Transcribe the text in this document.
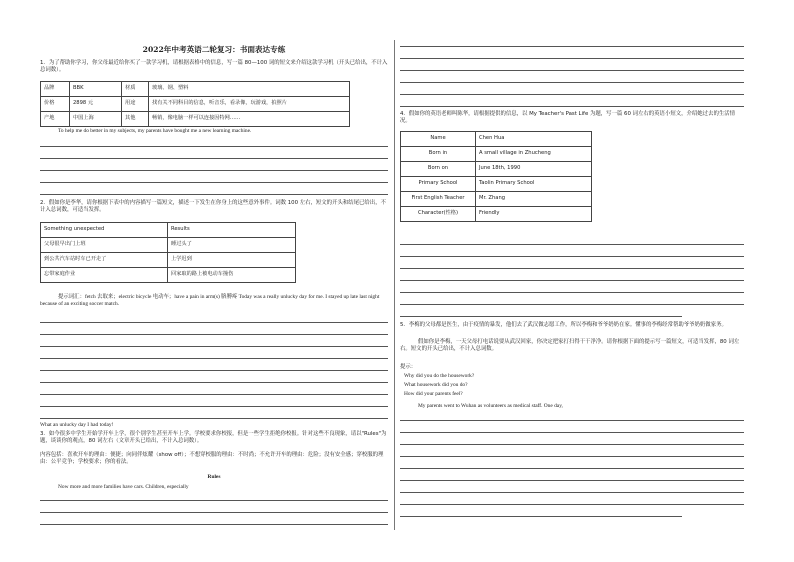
2022年中考英语二轮复习：书面表达专练
1．为了帮助你学习，你父母最近给你买了一款学习机，请根据表格中的信息，写一篇 80—100 词的短文来介绍这款学习机（开头已给出，不计入总词数）。
品牌	BBK	材质	玻璃、钢、塑料
价格	2898 元	用途	找有关不同科目的信息，听音乐，看录像，玩游戏，拍照片
产地	中国上海	其他	畅销，像电脑一样可以连接因特网……
To help me do better in my subjects, my parents have bought me a new learning machine.
2．假如你是李华，请你根据下表中的内容描写一篇短文，描述一下发生在你身上的这些意外事件。词数 100 左右，短文的开头和结尾已给出，不计入总词数，可适当发挥。
Something unexpected	Results
父母很早出门上班	睡过头了
到公共汽车站时车已开走了	上学迟到
忘带家庭作业	回家取的路上被电动车撞伤
提示词汇：fetch 去取来；electric bicycle 电动车；have a pain in arm(s) 胳膊疼 Today was a really unlucky day for me. I stayed up late last night because of an exciting soccer match.
What an unlucky day I had today!
3．如今很多中学生开始学开车上学，很个别学生甚至开车上学。学校要求你校报，但是一些学生拒绝你校报。针对这些不良现象，请以"Rules"为题，谈谈你的观点，80 词左右（文章开头已给出，不计入总词数）。
内容包括：喜欢开车的理由：便捷；向同伴炫耀（show off）；不想穿校服的理由：不时尚；不允许开车的理由：危险；没有安全感；穿校服的理由：公平竞争；学校要求；你的看法。
Rules
Now more and more families have cars. Children, especially
4．假如你的英语老师叫陈华，请根据提供的信息，以 My Teacher's Past Life 为题，写一篇 60 词左右的英语小短文，介绍她过去的生活情况。
Name	Chen Hua
Born in	A small village in Zhucheng
Born on	June 18th, 1990
Primary School	Taolin Primary School
First English Teacher	Mr. Zhang
Character(性格)	Friendly
5．李梅的父母都是医生，由于疫情的暴发，他们去了武汉做志愿工作，所以李梅和爷爷奶奶在家。懂事的李梅经常帮助爷爷奶奶做家务。
假如你是李梅，一天父母打电话说要从武汉回家，你决定把家打扫得干干净净。请你根据下面的提示写一篇短文，可适当发挥，80 词左右。短文的开头已给出，不计入总词数。
提示：
Why did you do the housework?
What housework did you do?
How did your parents feel?
My parents went to Wuhan as volunteers as medical staff. One day,
